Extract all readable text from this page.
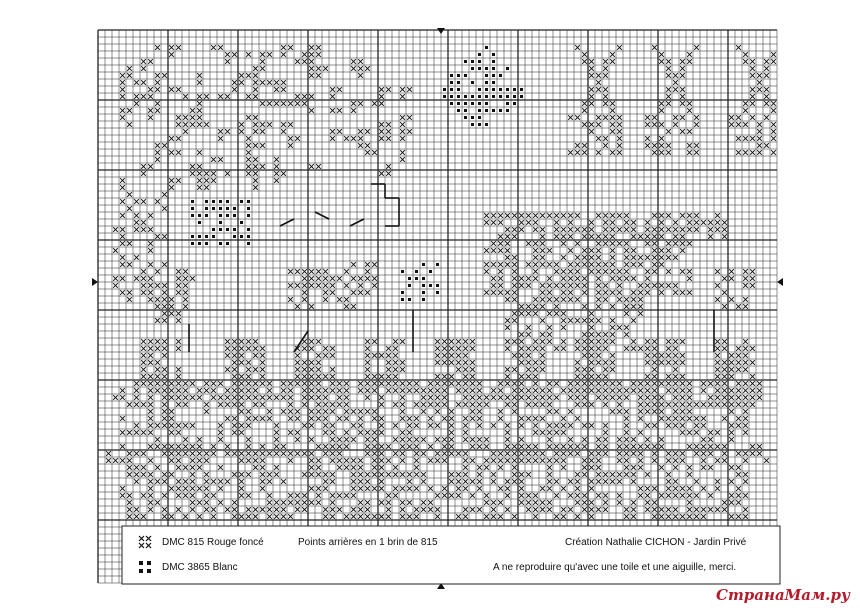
DMC 815 Rouge foncé	Points arrières en 1 brin de 815	Création Nathalie CICHON - Jardin Privé
DMC 3865 Blanc	A ne reproduire qu'avec une toile et une aiguille, merci.
СтранаМам.ру
